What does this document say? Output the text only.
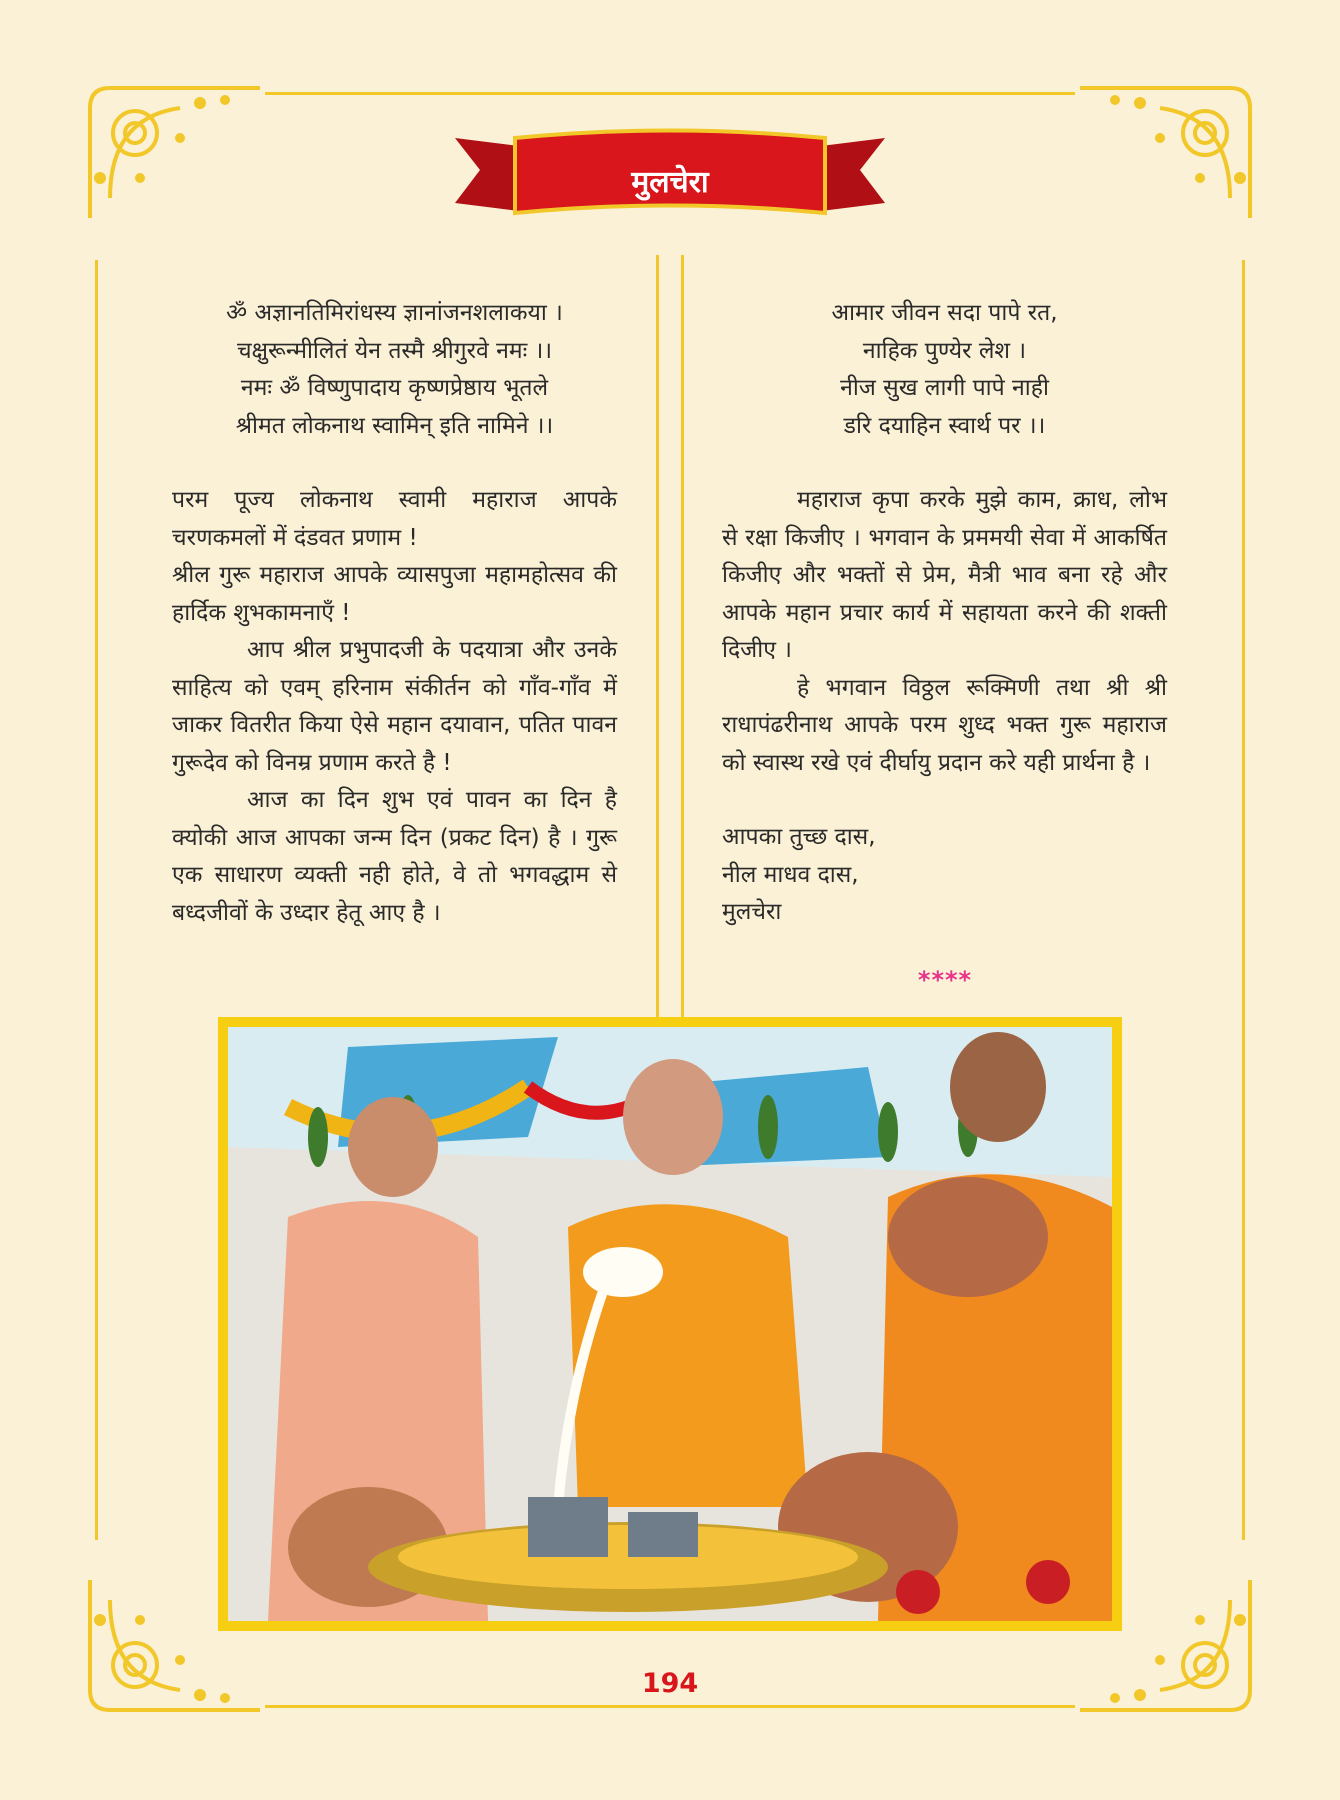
मुलचेरा

ॐ अज्ञानतिमिरांधस्य ज्ञानांजनशलाकया ।

चक्षुरून्मीलितं येन तस्मै श्रीगुरवे नमः ।।

नमः ॐ विष्णुपादाय कृष्णप्रेष्ठाय भूतले

श्रीमत लोकनाथ स्वामिन् इति नामिने ।।

परम पूज्य लोकनाथ स्वामी महाराज आपके चरणकमलों में दंडवत प्रणाम !

श्रील गुरू महाराज आपके व्यासपुजा महामहोत्सव की हार्दिक शुभकामनाएँ !

आप श्रील प्रभुपादजी के पदयात्रा और उनके साहित्य को एवम् हरिनाम संकीर्तन को गाँव-गाँव में जाकर वितरीत किया ऐसे महान दयावान, पतित पावन गुरूदेव को विनम्र प्रणाम करते है !

आज का दिन शुभ एवं पावन का दिन है क्योकी आज आपका जन्म दिन (प्रकट दिन) है । गुरू एक साधारण व्यक्ती नही होते, वे तो भगवद्धाम से बध्दजीवों के उध्दार हेतू आए है ।

आमार जीवन सदा पापे रत,

नाहिक पुण्येर लेश ।

नीज सुख लागी पापे नाही

डरि दयाहिन स्वार्थ पर ।।

महाराज कृपा करके मुझे काम, क्राध, लोभ से रक्षा किजीए । भगवान के प्रममयी सेवा में आकर्षित किजीए और भक्तों से प्रेम, मैत्री भाव बना रहे और आपके महान प्रचार कार्य में सहायता करने की शक्ती दिजीए ।

हे भगवान विठ्ठल रूक्मिणी तथा श्री श्री राधापंढरीनाथ आपके परम शुध्द भक्त गुरू महाराज को स्वास्थ रखे एवं दीर्घायु प्रदान करे यही प्रार्थना है ।

आपका तुच्छ दास,

नील माधव दास,

मुलचेरा

****
194
